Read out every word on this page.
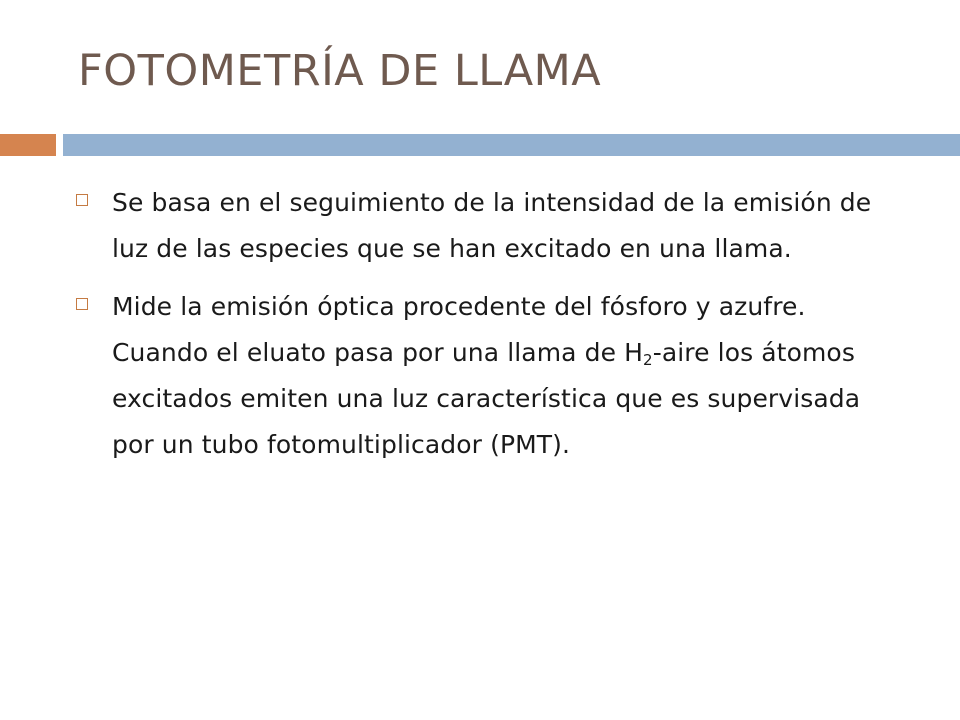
FOTOMETRÍA DE LLAMA
Se basa en el seguimiento de la intensidad de la emisión de luz de las especies que se han excitado en una llama.
Mide la emisión óptica procedente del fósforo y azufre. Cuando el eluato pasa por una llama de $H_2$-aire los átomos excitados emiten una luz característica que es supervisada por un tubo fotomultiplicador (PMT).
